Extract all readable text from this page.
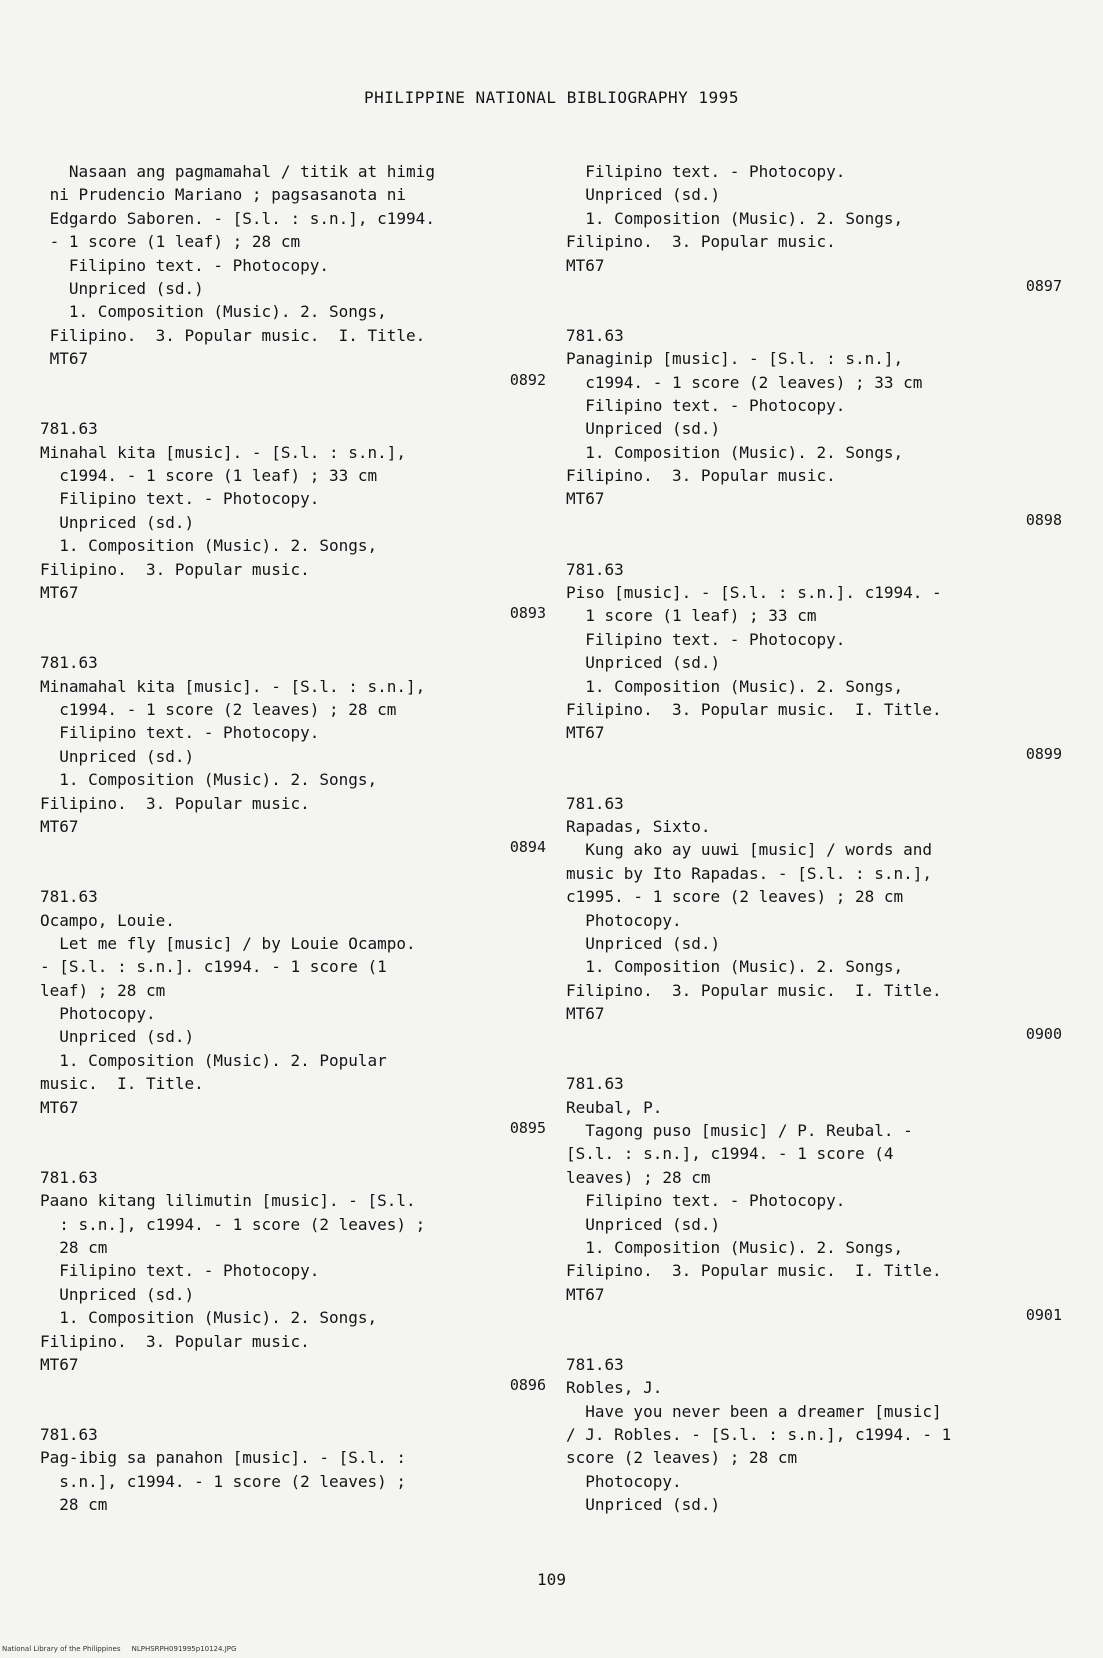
PHILIPPINE NATIONAL BIBLIOGRAPHY 1995
Nasaan ang pagmamahal / titik at himig
ni Prudencio Mariano ; pagsasanota ni
Edgardo Saboren. - [S.l. : s.n.], c1994.
- 1 score (1 leaf) ; 28 cm
Filipino text. - Photocopy.
Unpriced (sd.)
1. Composition (Music). 2. Songs,
Filipino.  3. Popular music.  I. Title.
MT67
0892
781.63
Minahal kita [music]. - [S.l. : s.n.],
c1994. - 1 score (1 leaf) ; 33 cm
Filipino text. - Photocopy.
Unpriced (sd.)
1. Composition (Music). 2. Songs,
Filipino.  3. Popular music.
MT67
0893
781.63
Minamahal kita [music]. - [S.l. : s.n.],
c1994. - 1 score (2 leaves) ; 28 cm
Filipino text. - Photocopy.
Unpriced (sd.)
1. Composition (Music). 2. Songs,
Filipino.  3. Popular music.
MT67
0894
781.63
Ocampo, Louie.
Let me fly [music] / by Louie Ocampo.
- [S.l. : s.n.]. c1994. - 1 score (1
leaf) ; 28 cm
Photocopy.
Unpriced (sd.)
1. Composition (Music). 2. Popular
music.  I. Title.
MT67
0895
781.63
Paano kitang lilimutin [music]. - [S.l.
: s.n.], c1994. - 1 score (2 leaves) ;
28 cm
Filipino text. - Photocopy.
Unpriced (sd.)
1. Composition (Music). 2. Songs,
Filipino.  3. Popular music.
MT67
0896
781.63
Pag-ibig sa panahon [music]. - [S.l. :
s.n.], c1994. - 1 score (2 leaves) ;
28 cm
Filipino text. - Photocopy.
Unpriced (sd.)
1. Composition (Music). 2. Songs,
Filipino.  3. Popular music.
MT67
0897
781.63
Panaginip [music]. - [S.l. : s.n.],
c1994. - 1 score (2 leaves) ; 33 cm
Filipino text. - Photocopy.
Unpriced (sd.)
1. Composition (Music). 2. Songs,
Filipino.  3. Popular music.
MT67
0898
781.63
Piso [music]. - [S.l. : s.n.]. c1994. -
1 score (1 leaf) ; 33 cm
Filipino text. - Photocopy.
Unpriced (sd.)
1. Composition (Music). 2. Songs,
Filipino.  3. Popular music.  I. Title.
MT67
0899
781.63
Rapadas, Sixto.
Kung ako ay uuwi [music] / words and
music by Ito Rapadas. - [S.l. : s.n.],
c1995. - 1 score (2 leaves) ; 28 cm
Photocopy.
Unpriced (sd.)
1. Composition (Music). 2. Songs,
Filipino.  3. Popular music.  I. Title.
MT67
0900
781.63
Reubal, P.
Tagong puso [music] / P. Reubal. -
[S.l. : s.n.], c1994. - 1 score (4
leaves) ; 28 cm
Filipino text. - Photocopy.
Unpriced (sd.)
1. Composition (Music). 2. Songs,
Filipino.  3. Popular music.  I. Title.
MT67
0901
781.63
Robles, J.
Have you never been a dreamer [music]
/ J. Robles. - [S.l. : s.n.], c1994. - 1
score (2 leaves) ; 28 cm
Photocopy.
Unpriced (sd.)
109
National Library of the Philippines     NLPHSRPH091995p10124.JPG
